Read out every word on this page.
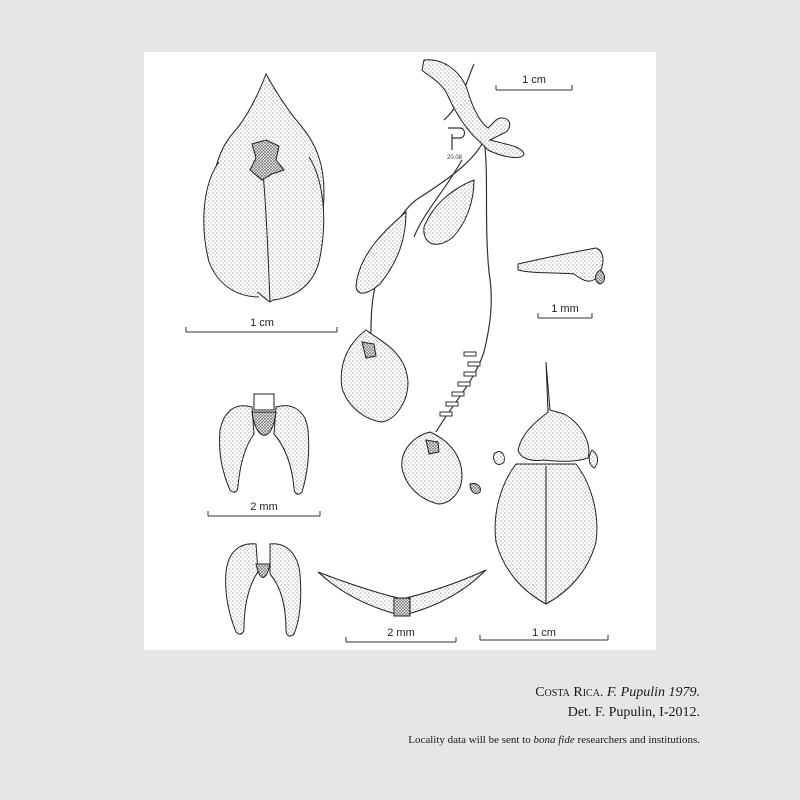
20.08
1 cm
1 cm
1 mm
2 mm
2 mm	1 cm
Costa Rica. F. Pupulin 1979.
Det. F. Pupulin, I-2012.
Locality data will be sent to bona fide researchers and institutions.
